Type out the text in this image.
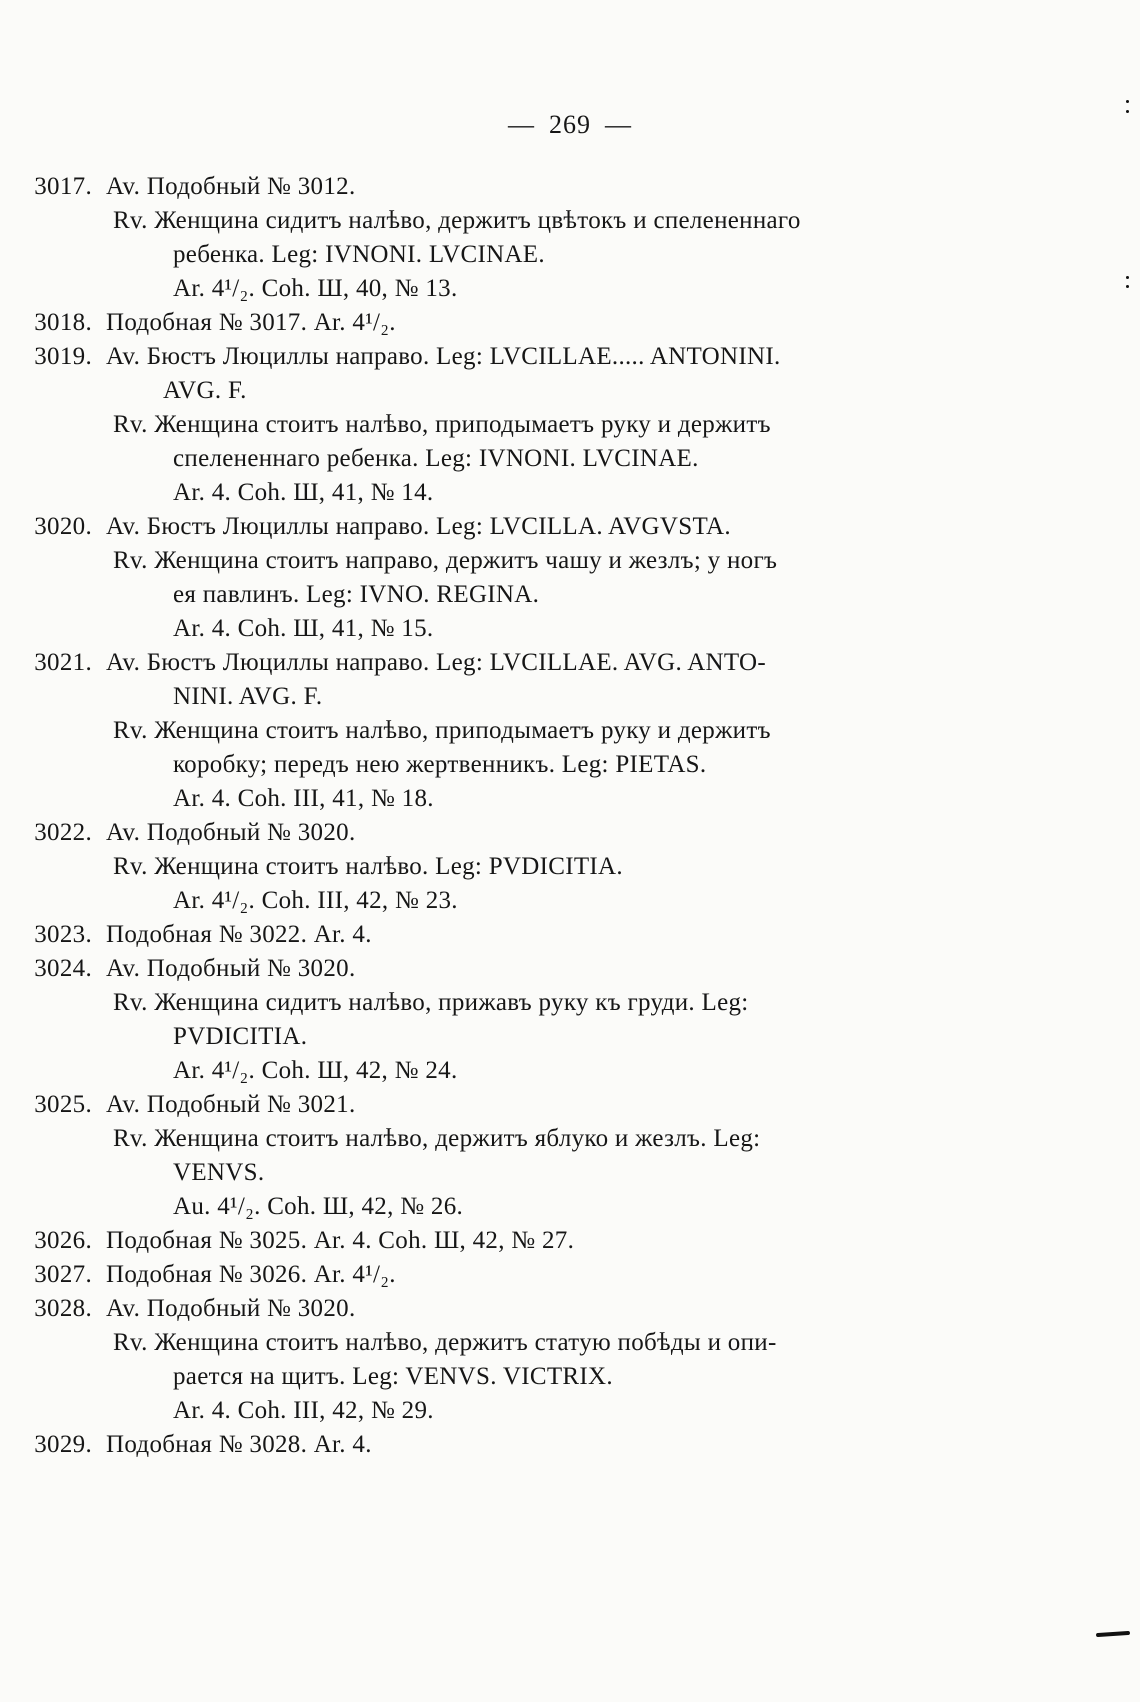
— 269 —
3017. Av. Подобный № 3012.
Rv. Женщина сидитъ налѣво, держитъ цвѣтокъ и спелененнаго
ребенка. Leg: IVNONI. LVCINAE.
Ar. 4¹/₂. Coh. Ш, 40, № 13.
3018. Подобная № 3017. Ar. 4¹/₂.
3019. Av. Бюстъ Люциллы направо. Leg: LVCILLAE..... ANTONINI.
AVG. F.
Rv. Женщина стоитъ налѣво, приподымаетъ руку и держитъ
спелененнаго ребенка. Leg: IVNONI. LVCINAE.
Ar. 4. Coh. Ш, 41, № 14.
3020. Av. Бюстъ Люциллы направо. Leg: LVCILLA. AVGVSTA.
Rv. Женщина стоитъ направо, держитъ чашу и жезлъ; у ногъ
ея павлинъ. Leg: IVNO. REGINA.
Ar. 4. Coh. Ш, 41, № 15.
3021. Av. Бюстъ Люциллы направо. Leg: LVCILLAE. AVG. ANTO-
NINI. AVG. F.
Rv. Женщина стоитъ налѣво, приподымаетъ руку и держитъ
коробку; передъ нею жертвенникъ. Leg: PIETAS.
Ar. 4. Coh. III, 41, № 18.
3022. Av. Подобный № 3020.
Rv. Женщина стоитъ налѣво. Leg: PVDICITIA.
Ar. 4¹/₂. Coh. III, 42, № 23.
3023. Подобная № 3022. Ar. 4.
3024. Av. Подобный № 3020.
Rv. Женщина сидитъ налѣво, прижавъ руку къ груди. Leg:
PVDICITIA.
Ar. 4¹/₂. Coh. Ш, 42, № 24.
3025. Av. Подобный № 3021.
Rv. Женщина стоитъ налѣво, держитъ яблуко и жезлъ. Leg:
VENVS.
Au. 4¹/₂. Coh. Ш, 42, № 26.
3026. Подобная № 3025. Ar. 4. Coh. Ш, 42, № 27.
3027. Подобная № 3026. Ar. 4¹/₂.
3028. Av. Подобный № 3020.
Rv. Женщина стоитъ налѣво, держитъ статую побѣды и опи-
рается на щитъ. Leg: VENVS. VICTRIX.
Ar. 4. Coh. III, 42, № 29.
3029. Подобная № 3028. Ar. 4.
